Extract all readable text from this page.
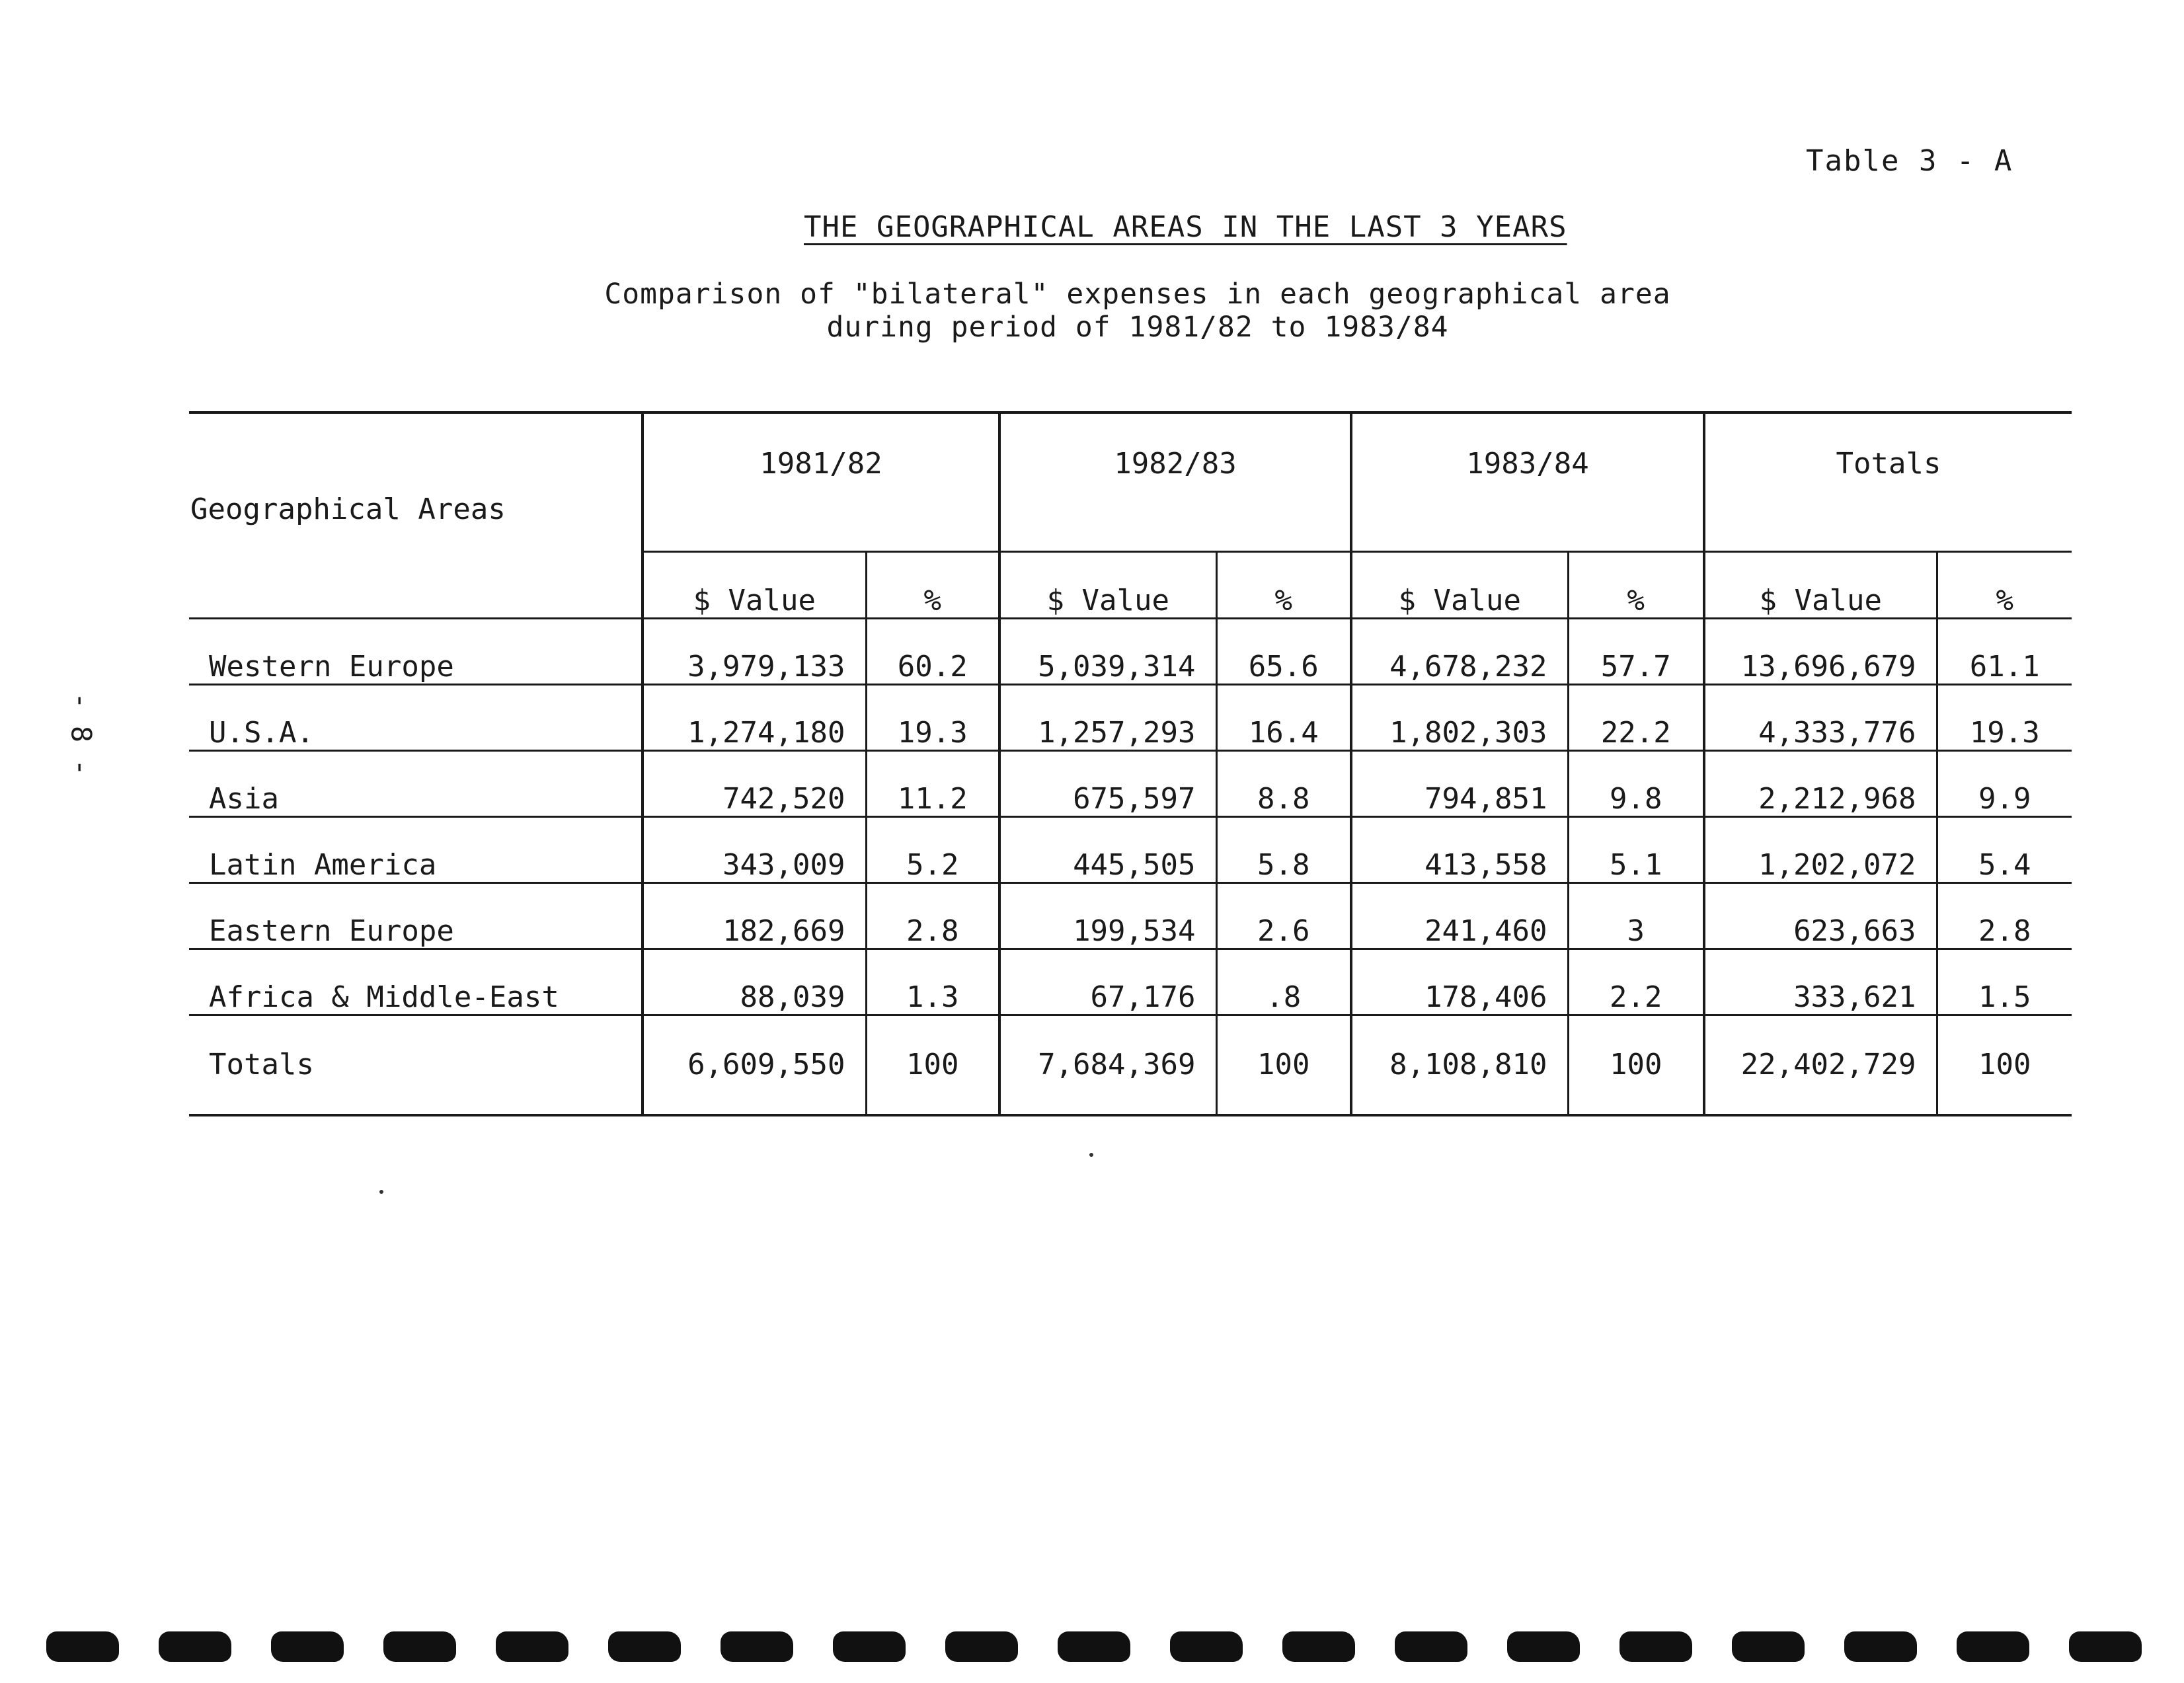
Table 3 - A
THE GEOGRAPHICAL AREAS IN THE LAST 3 YEARS
Comparison of "bilateral" expenses in each geographical area
during period of 1981/82 to 1983/84
- 8 -

Geographical Areas	1981/82		1982/83		1983/84		Totals	
	$ Value	%	$ Value	%	$ Value	%	$ Value	%
Western Europe	3,979,133	60.2	5,039,314	65.6	4,678,232	57.7	13,696,679	61.1
U.S.A.	1,274,180	19.3	1,257,293	16.4	1,802,303	22.2	4,333,776	19.3
Asia	742,520	11.2	675,597	8.8	794,851	9.8	2,212,968	9.9
Latin America	343,009	5.2	445,505	5.8	413,558	5.1	1,202,072	5.4
Eastern Europe	182,669	2.8	199,534	2.6	241,460	3	623,663	2.8
Africa & Middle-East	88,039	1.3	67,176	.8	178,406	2.2	333,621	1.5
Totals	6,609,550	100	7,684,369	100	8,108,810	100	22,402,729	100
